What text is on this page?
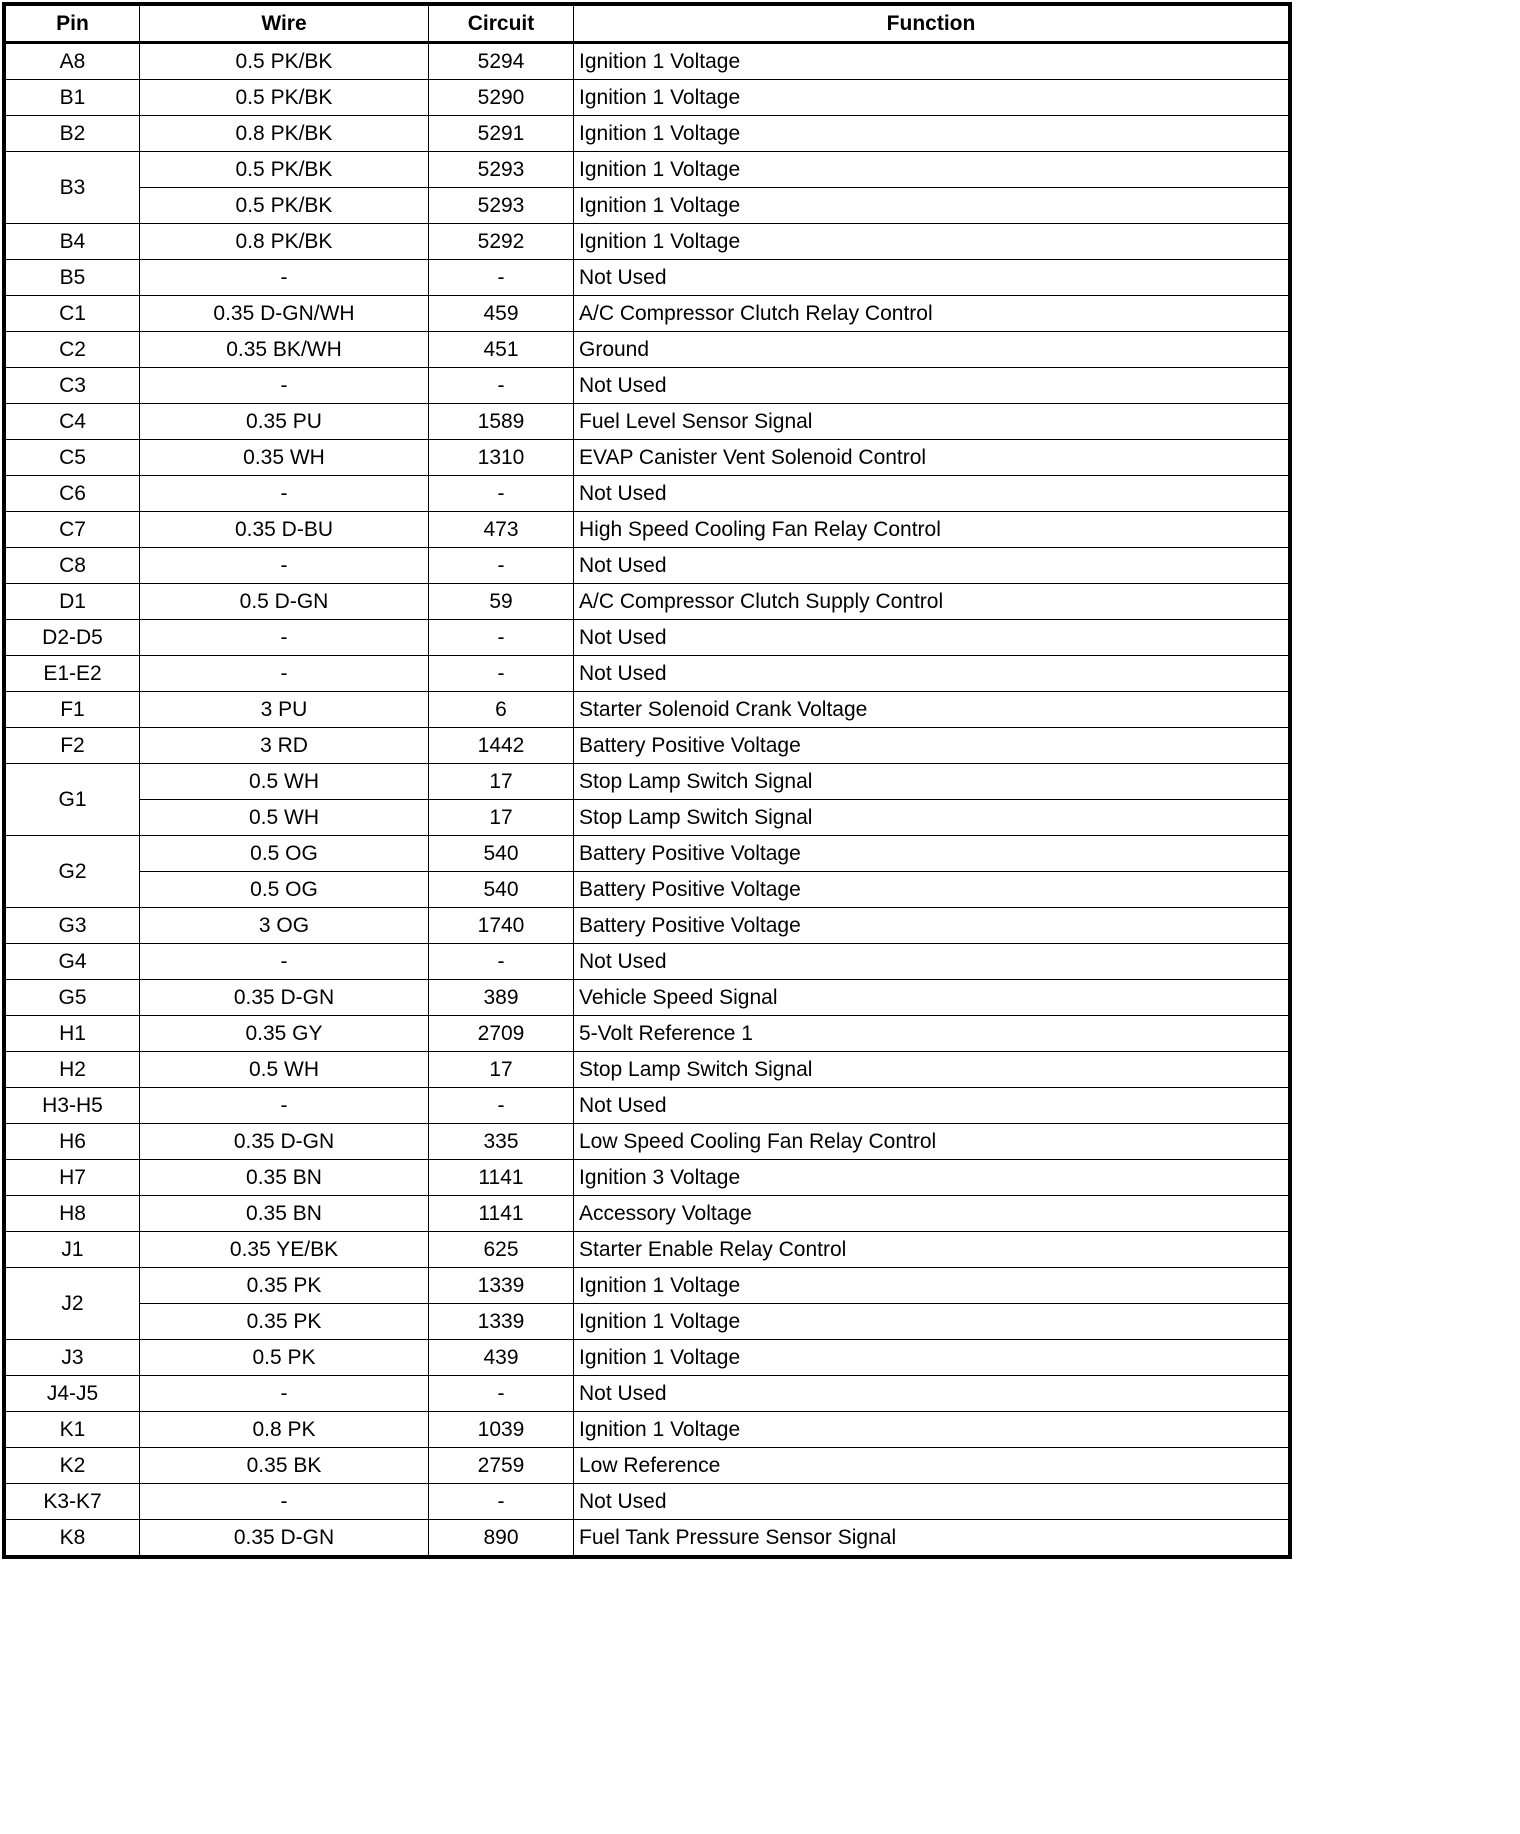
Pin	Wire	Circuit	Function
A8	0.5 PK/BK	5294	Ignition 1 Voltage
B1	0.5 PK/BK	5290	Ignition 1 Voltage
B2	0.8 PK/BK	5291	Ignition 1 Voltage
B3	0.5 PK/BK	5293	Ignition 1 Voltage
	0.5 PK/BK	5293	Ignition 1 Voltage
B4	0.8 PK/BK	5292	Ignition 1 Voltage
B5	-	-	Not Used
C1	0.35 D-GN/WH	459	A/C Compressor Clutch Relay Control
C2	0.35 BK/WH	451	Ground
C3	-	-	Not Used
C4	0.35 PU	1589	Fuel Level Sensor Signal
C5	0.35 WH	1310	EVAP Canister Vent Solenoid Control
C6	-	-	Not Used
C7	0.35 D-BU	473	High Speed Cooling Fan Relay Control
C8	-	-	Not Used
D1	0.5 D-GN	59	A/C Compressor Clutch Supply Control
D2-D5	-	-	Not Used
E1-E2	-	-	Not Used
F1	3 PU	6	Starter Solenoid Crank Voltage
F2	3 RD	1442	Battery Positive Voltage
G1	0.5 WH	17	Stop Lamp Switch Signal
	0.5 WH	17	Stop Lamp Switch Signal
G2	0.5 OG	540	Battery Positive Voltage
	0.5 OG	540	Battery Positive Voltage
G3	3 OG	1740	Battery Positive Voltage
G4	-	-	Not Used
G5	0.35 D-GN	389	Vehicle Speed Signal
H1	0.35 GY	2709	5-Volt Reference 1
H2	0.5 WH	17	Stop Lamp Switch Signal
H3-H5	-	-	Not Used
H6	0.35 D-GN	335	Low Speed Cooling Fan Relay Control
H7	0.35 BN	1141	Ignition 3 Voltage
H8	0.35 BN	1141	Accessory Voltage
J1	0.35 YE/BK	625	Starter Enable Relay Control
J2	0.35 PK	1339	Ignition 1 Voltage
	0.35 PK	1339	Ignition 1 Voltage
J3	0.5 PK	439	Ignition 1 Voltage
J4-J5	-	-	Not Used
K1	0.8 PK	1039	Ignition 1 Voltage
K2	0.35 BK	2759	Low Reference
K3-K7	-	-	Not Used
K8	0.35 D-GN	890	Fuel Tank Pressure Sensor Signal
